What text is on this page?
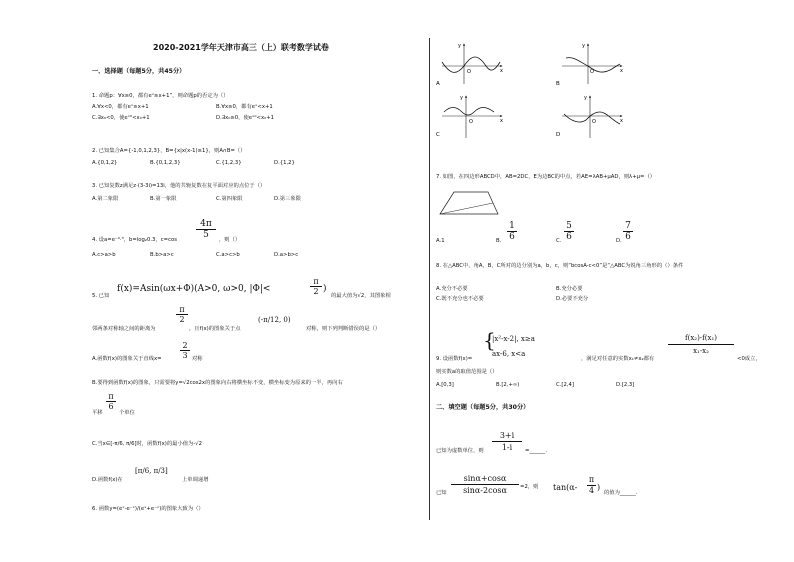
2020-2021学年天津市高三（上）联考数学试卷
一、选择题（每题5分，共45分）
1. 命题p：∀x≥0，都有eˣ≥x+1”，则命题p的否定为（）
A.∀x<0，都有eˣ≥x+1	B.∀x≥0，都有eˣ<x+1
C.∃x₀<0，使eˣ⁰<x₀+1	D.∃x₀≥0，使eˣ⁰<x₀+1
2. 已知集合A={-1,0,1,2,3}，B={x|x(x-1)≥1}，则A∩B=（）
A.{0,1,2}	B.{0,1,2,3}	C.{1,2,3}	D.{1,2}
3. 已知复数z满足z·(3-3i)=13i，他的共轭复数在复平面对应的点位于（）
A.第二象限	B.第一象限	C.第四象限	D.第三象限
4. 设a=e⁻⁰·³，b=log₂0.3，$c=\cos \frac{4\pi}{5}$ ，则（）
A.c>a>b	B.b>a>c	C.a>c>b	D.a>b>c
5. 已知
f(x)=Asin(ωx+Φ)(A>0, ω>0, |Φ|<	$\frac{\pi}{2}$ )
的最大值为√2，其图象相
邻两条对称轴之间的距离为
$\frac{\pi}{2}$
，且f(x)的图象关于点
(-π/12, 0)
对称，则下列判断错误的是（）
A.函数f(x)的图象关于直线$x= \frac{2}{3}$ 对称
B.要得到函数f(x)的图象，只需要将y=√2cos2x的图象向右将横坐标不变，横坐标变为原来的一半，再向右
平移
$\frac{\pi}{6}$
个单位
C.当x∈[-π/6, π/6]时，函数f(x)的最小值为-√2
D.函数f(x)在
[π/6, π/3]
上单调递增
6. 函数y=(eˣ-e⁻ˣ)/(eˣ+e⁻ˣ)的图象大致为（）
y
x
O
A
y
x
O
B
y
x
O
C
y
x
O
D
7. 如图，在四边形ABCD中，AB=2DC，E为边BC的中点，若AE=λAB+μAD，则λ+μ=（）
A.1	B. $\frac{1}{6}$	C. $\frac{5}{6}$	D. $\frac{7}{6}$
8. 在△ABC中，角A，B，C所对的边分别为a，b，c，则“bcosA-c<0”是“△ABC为锐角三角形的（）条件
A.充分不必要	B.充分必要
C.既不充分也不必要	D.必要不充分
9. 设函数f(x)=
{
|x²-x-2|, x≥a
ax-6, x<a
，满足对任意的实数x₁≠x₂都有
$\frac{\text{f(x₂)-f(x₁)}}{\text{x₁-x₂}}$
<0成立，
则实数a的取值范围是（）
A.[0,3]	B.[2,+∞)	C.[2,4]	D.[2,3]
二、填空题（每题5分，共30分）
已知为虚数单位，则 $\frac{3+i}{1-i}$ =______.
已知 $\frac{\sin\alpha+\cos\alpha}{\sin\alpha-2\cos\alpha} =2$，则 $\tan(\alpha- \frac{\pi}{4}$ )
的值为______.
